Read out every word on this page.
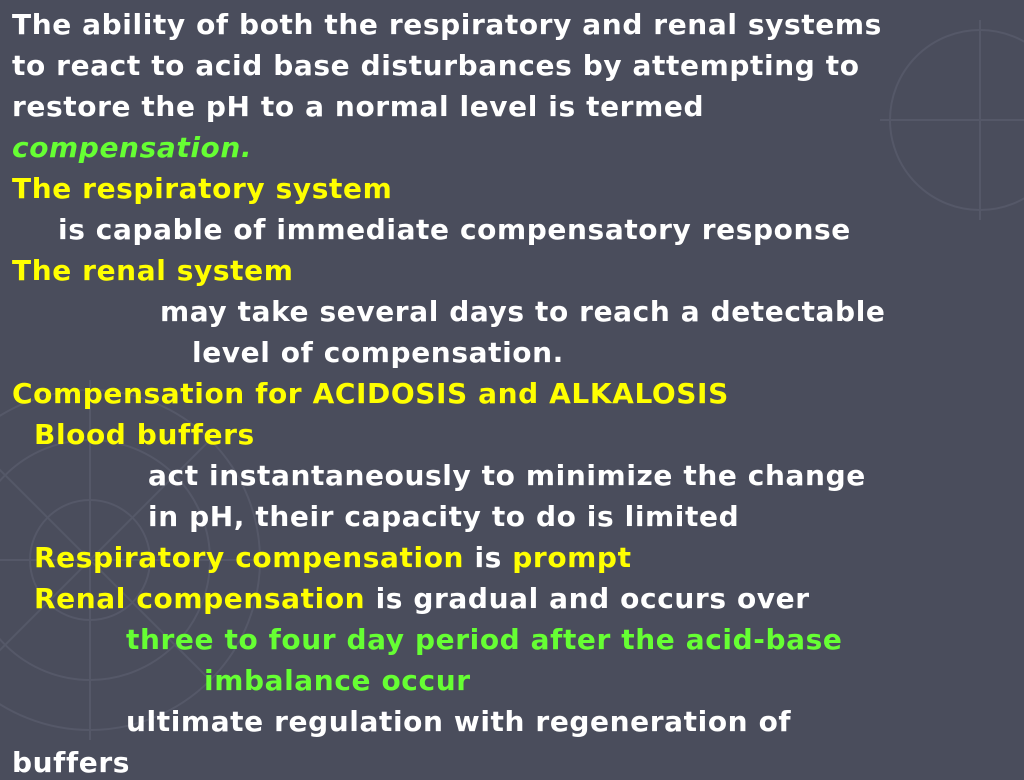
The ability of both the respiratory and renal systems
to react to acid base disturbances by attempting to
restore the pH to a normal level is termed
compensation.
The respiratory system
is capable of immediate compensatory response
The renal system
may take several days to reach a detectable
level of compensation.
Compensation for ACIDOSIS and ALKALOSIS
Blood buffers
act instantaneously to minimize the change
in pH, their capacity to do is limited
Respiratory compensation is prompt
Renal compensation is gradual and occurs over
three to four day period after the acid-base
imbalance occur
ultimate regulation with regeneration of
buffers
